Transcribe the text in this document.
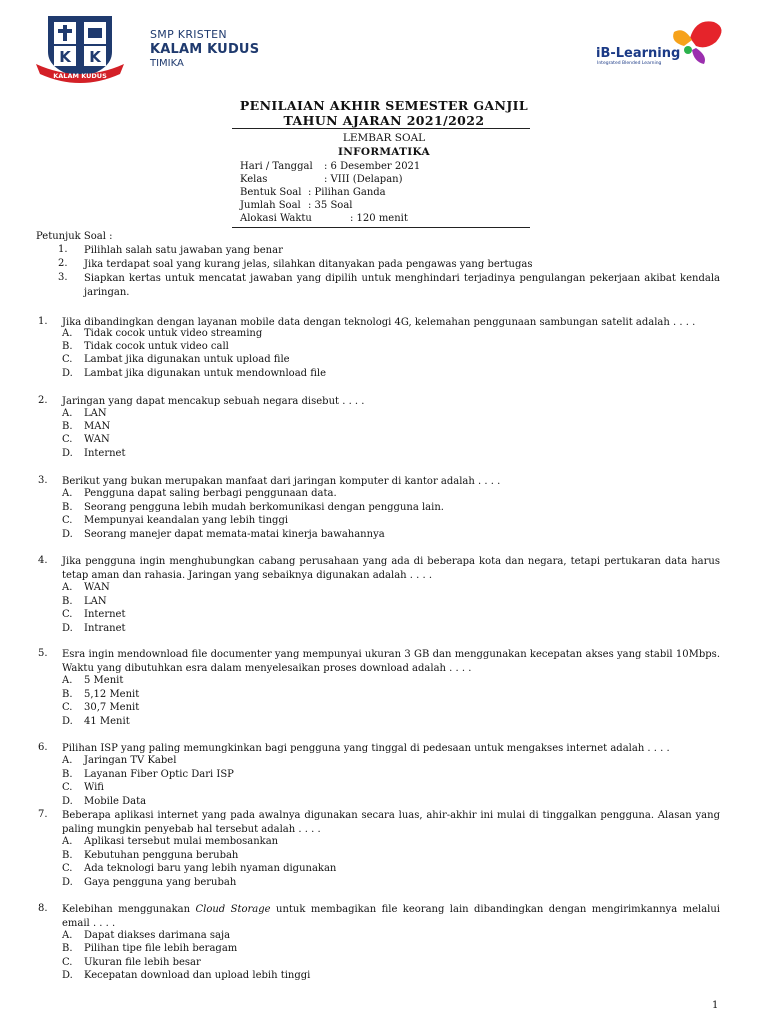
K K
KALAM KUDUS
SMP KRISTEN
KALAM KUDUS
TIMIKA
iB-Learning
Integrated Blended Learning
PENILAIAN AKHIR SEMESTER GANJIL
TAHUN AJARAN 2021/2022
LEMBAR SOAL
INFORMATIKA
Hari / Tanggal : 6 Desember 2021
Kelas	: VIII (Delapan)
Bentuk Soal : Pilihan Ganda
Jumlah Soal : 35 Soal
Alokasi Waktu	: 120 menit
Petunjuk Soal :
1. Pilihlah salah satu jawaban yang benar
2. Jika terdapat soal yang kurang jelas, silahkan ditanyakan pada pengawas yang bertugas
3. Siapkan kertas untuk mencatat jawaban yang dipilih untuk menghindari terjadinya pengulangan pekerjaan akibat kendala jaringan.
1. Jika dibandingkan dengan layanan mobile data dengan teknologi 4G, kelemahan penggunaan sambungan satelit adalah . . . .
A. Tidak cocok untuk video streaming
B. Tidak cocok untuk video call
C. Lambat jika digunakan untuk upload file
D. Lambat jika digunakan untuk mendownload file
2. Jaringan yang dapat mencakup sebuah negara disebut . . . .
A. LAN
B. MAN
C. WAN
D. Internet
3. Berikut yang bukan merupakan manfaat dari jaringan komputer di kantor adalah . . . .
A. Pengguna dapat saling berbagi penggunaan data.
B. Seorang pengguna lebih mudah berkomunikasi dengan pengguna lain.
C. Mempunyai keandalan yang lebih tinggi
D. Seorang manejer dapat memata-matai kinerja bawahannya
4. Jika pengguna ingin menghubungkan cabang perusahaan yang ada di beberapa kota dan negara, tetapi pertukaran data harus tetap aman dan rahasia. Jaringan yang sebaiknya digunakan adalah . . . .
A. WAN
B. LAN
C. Internet
D. Intranet
5. Esra ingin mendownload file documenter yang mempunyai ukuran 3 GB dan menggunakan kecepatan akses yang stabil 10Mbps. Waktu yang dibutuhkan esra dalam menyelesaikan proses download adalah . . . .
A. 5 Menit
B. 5,12 Menit
C. 30,7 Menit
D. 41 Menit
6. Pilihan ISP yang paling memungkinkan bagi pengguna yang tinggal di pedesaan untuk mengakses internet adalah . . . .
A. Jaringan TV Kabel
B. Layanan Fiber Optic Dari ISP
C. Wifi
D. Mobile Data
7. Beberapa aplikasi internet yang pada awalnya digunakan secara luas, ahir-akhir ini mulai di tinggalkan pengguna. Alasan yang paling mungkin penyebab hal tersebut adalah . . . .
A. Aplikasi tersebut mulai membosankan
B. Kebutuhan pengguna berubah
C. Ada teknologi baru yang lebih nyaman digunakan
D. Gaya pengguna yang berubah
8. Kelebihan menggunakan Cloud Storage untuk membagikan file keorang lain dibandingkan dengan mengirimkannya melalui email . . . .
A. Dapat diakses darimana saja
B. Pilihan tipe file lebih beragam
C. Ukuran file lebih besar
D. Kecepatan download dan upload lebih tinggi
1
